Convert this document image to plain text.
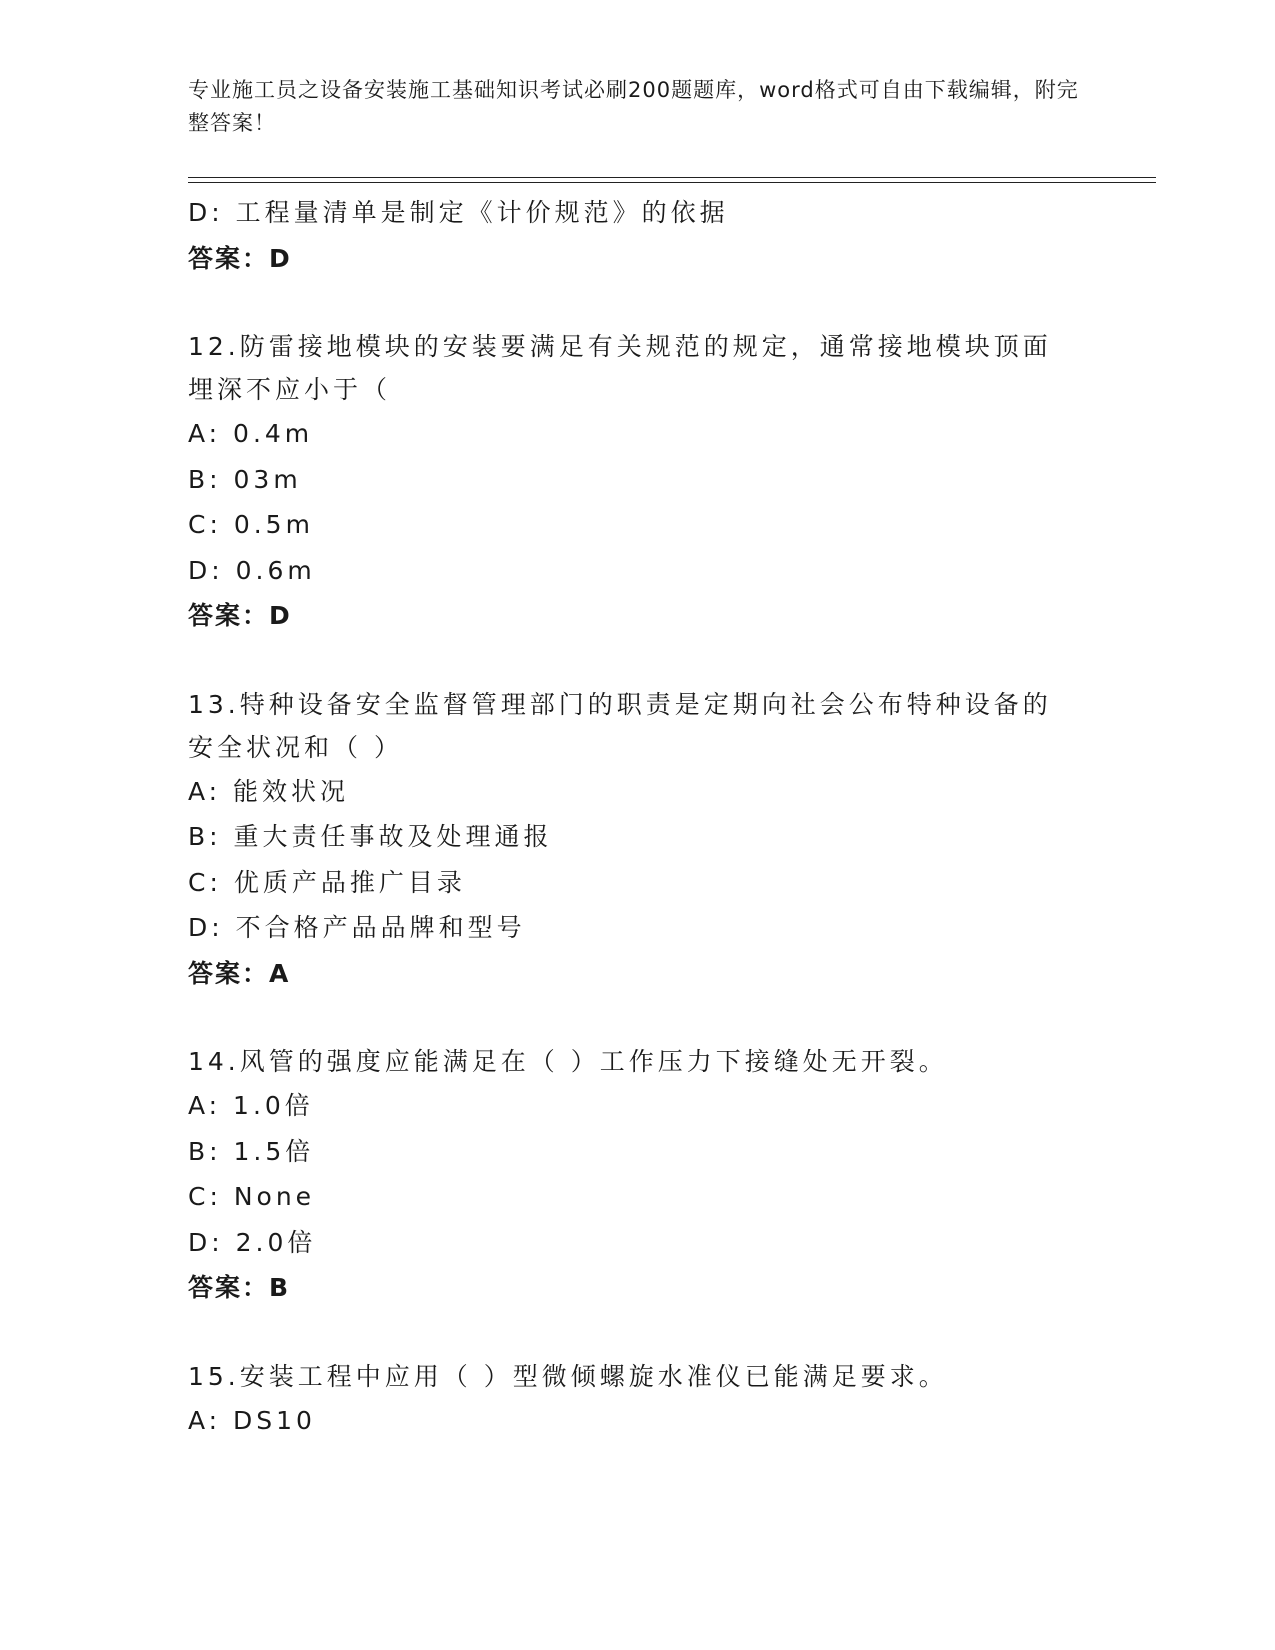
专业施工员之设备安装施工基础知识考试必刷200题题库，word格式可自由下载编辑，附完整答案！
D: 工程量清单是制定《计价规范》的依据
答案：D
12.防雷接地模块的安装要满足有关规范的规定，通常接地模块顶面埋深不应小于（
A: 0.4m
B: 03m
C: 0.5m
D: 0.6m
答案：D
13.特种设备安全监督管理部门的职责是定期向社会公布特种设备的安全状况和（ ）
A: 能效状况
B: 重大责任事故及处理通报
C: 优质产品推广目录
D: 不合格产品品牌和型号
答案：A
14.风管的强度应能满足在（ ）工作压力下接缝处无开裂。
A: 1.0倍
B: 1.5倍
C: None
D: 2.0倍
答案：B
15.安装工程中应用（ ）型微倾螺旋水准仪已能满足要求。
A: DS10
